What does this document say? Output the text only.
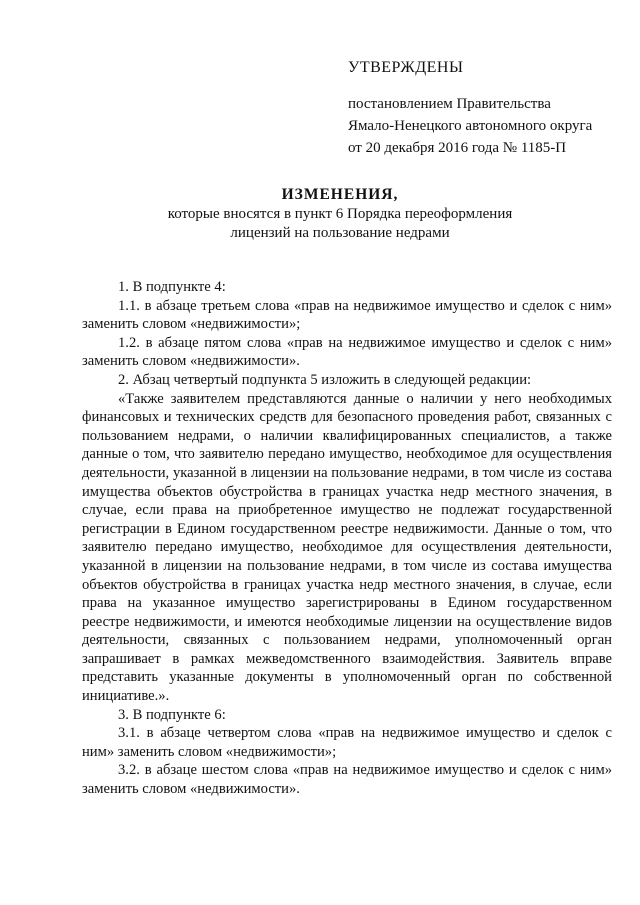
УТВЕРЖДЕНЫ
постановлением Правительства
Ямало-Ненецкого автономного округа
от 20 декабря 2016 года № 1185-П
ИЗМЕНЕНИЯ,
которые вносятся в пункт 6 Порядка переоформления
лицензий на пользование недрами

1. В подпункте 4:

1.1. в абзаце третьем слова «прав на недвижимое имущество и сделок с ним» заменить словом «недвижимости»;

1.2. в абзаце пятом слова «прав на недвижимое имущество и сделок с ним» заменить словом «недвижимости».

2. Абзац четвертый подпункта 5 изложить в следующей редакции:

«Также заявителем представляются данные о наличии у него необходимых финансовых и технических средств для безопасного проведения работ, связанных с пользованием недрами, о наличии квалифицированных специалистов, а также данные о том, что заявителю передано имущество, необходимое для осуществления деятельности, указанной в лицензии на пользование недрами, в том числе из состава имущества объектов обустройства в границах участка недр местного значения, в случае, если права на приобретенное имущество не подлежат государственной регистрации в Едином государственном реестре недвижимости. Данные о том, что заявителю передано имущество, необходимое для осуществления деятельности, указанной в лицензии на пользование недрами, в том числе из состава имущества объектов обустройства в границах участка недр местного значения, в случае, если права на указанное имущество зарегистрированы в Едином государственном реестре недвижимости, и имеются необходимые лицензии на осуществление видов деятельности, связанных с пользованием недрами, уполномоченный орган запрашивает в рамках межведомственного взаимодействия. Заявитель вправе представить указанные документы в уполномоченный орган по собственной инициативе.».

3. В подпункте 6:

3.1. в абзаце четвертом слова «прав на недвижимое имущество и сделок с ним» заменить словом «недвижимости»;

3.2. в абзаце шестом слова «прав на недвижимое имущество и сделок с ним» заменить словом «недвижимости».
